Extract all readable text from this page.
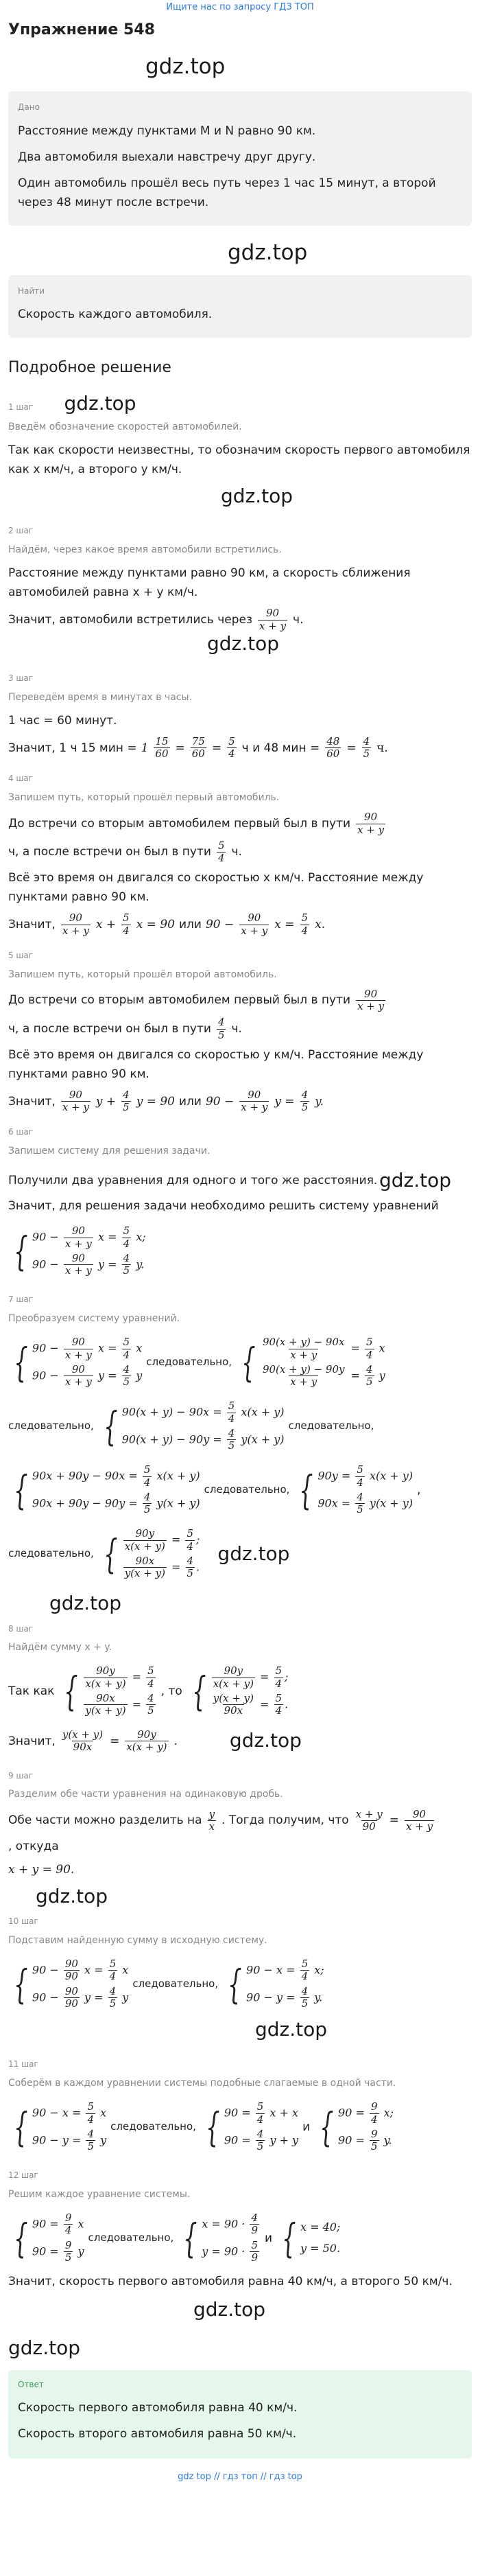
Ищите нас по запросу ГДЗ ТОП
Упражнение 548
gdz.top
Дано

Расстояние между пунктами M и N равно 90 км.

Два автомобиля выехали навстречу друг другу.

Один автомобиль прошёл весь путь через 1 час 15 минут, а второй через 48 минут после встречи.

gdz.top
Найти

Скорость каждого автомобиля.

Подробное решение
1 шаг gdz.top
Введём обозначение скоростей автомобилей.

Так как скорости неизвестны, то обозначим скорость первого автомобиля как x км/ч, а второго y км/ч.

gdz.top
2 шаг
Найдём, через какое время автомобили встретились.

Расстояние между пунктами равно 90 км, а скорость сближения автомобилей равна x + y км/ч.

Значит, автомобили встретились через $\frac{90}{x + y} ч$.
gdz.top
3 шаг
Переведём время в минутах в часы.

1 час = 60 минут.

Значит, 1 ч 15 мин = $1 \frac{15}{60} = \frac{75}{60} = \frac{5}{4}$ ч и 48 мин = $\frac{48}{60} = \frac{4}{5} ч$.
4 шаг
Запишем путь, который прошёл первый автомобиль.
До встречи со вторым автомобилем первый был в пути $\frac{90}{x + y}$
ч, а после встречи он был в пути $\frac{5}{4} ч$.

Всё это время он двигался со скоростью x км/ч. Расстояние между пунктами равно 90 км.

Значит, $\frac{90}{x + y}$ $x + \frac{5}{4}$ x = 90 или $90 - \frac{90}{x + y}$ $x = \frac{5}{4} x$.
5 шаг
Запишем путь, который прошёл второй автомобиль.
До встречи со вторым автомобилем первый был в пути $\frac{90}{x + y}$
ч, а после встречи он был в пути $\frac{4}{5} ч$.

Всё это время он двигался со скоростью y км/ч. Расстояние между пунктами равно 90 км.

Значит, $\frac{90}{x + y}$ $y + \frac{4}{5}$ y = 90 или $90 - \frac{90}{x + y}$ $y = \frac{4}{5} y$.
6 шаг
Запишем систему для решения задачи.
Получили два уравнения для одного и того же расстояния. gdz.top

Значит, для решения задачи необходимо решить систему уравнений

{ $90 - \frac{90}{x + y}$ $x = \frac{5}{4} x$;
$90 - \frac{90}{x + y}$ $y = \frac{4}{5} y$.
7 шаг
Преобразуем систему уравнений.
{ $90 - \frac{90}{x + y}$ $x = \frac{5}{4}$ x
$90 - \frac{90}{x + y}$ $y = \frac{4}{5}$ y
следовательно, { $\frac{90(x + y) - 90x}{x + y} = \frac{5}{4}$ x
$\frac{90(x + y) - 90y}{x + y} = \frac{4}{5}$ y
следовательно, { $90(x + y) - 90x = \frac{5}{4} x(x + y)$
$90(x + y) - 90y = \frac{4}{5} y(x + y)$
следовательно,
{ $90x + 90y - 90x = \frac{5}{4} x(x + y)$
$90x + 90y - 90y = \frac{4}{5} y(x + y)$
следовательно, { $90y = \frac{5}{4} x(x + y)$
$90x = \frac{4}{5} y(x + y)$
,
следовательно, { $\frac{90y}{x(x + y)} = \frac{5}{4}$ ;
$\frac{90x}{y(x + y)} = \frac{4}{5}$ .
gdz.top
gdz.top
8 шаг
Найдём сумму x + y.
Так как { $\frac{90y}{x(x + y)} = \frac{5}{4}$
$\frac{90x}{y(x + y)} = \frac{4}{5}$
, то { $\frac{90y}{x(x + y)} = \frac{5}{4}$ ;
$\frac{y(x + y)}{90x} = \frac{5}{4}$ .
Значит, $\frac{y(x + y)}{90x} = \frac{90y}{x(x + y)}$ .	gdz.top
9 шаг
Разделим обе части уравнения на одинаковую дробь.
Обе части можно разделить на $\frac{y}{x}$ . Тогда получим, что $\frac{x + y}{90} = \frac{90}{x + y}$
, откуда

x + y = 90.

gdz.top
10 шаг
Подставим найденную сумму в исходную систему.
{ $90 - \frac{90}{90}$ $x = \frac{5}{4}$ x
$90 - \frac{90}{90}$ $y = \frac{4}{5}$ y
следовательно, { $90 - x = \frac{5}{4} x$;
$90 - y = \frac{4}{5} y$.
gdz.top
11 шаг
Соберём в каждом уравнении системы подобные слагаемые в одной части.
{ $90 - x = \frac{5}{4}$ x
$90 - y = \frac{4}{5}$ y
следовательно, { $90 = \frac{5}{4}$ x + x
$90 = \frac{4}{5}$ y + y
и { $90 = \frac{9}{4} x$;
$90 = \frac{9}{5} y$.
12 шаг
Решим каждое уравнение системы.
{ $90 = \frac{9}{4}$ x
$90 = \frac{9}{5}$ y
следовательно, { $x = 90 \cdot \frac{4}{9}$
$y = 90 \cdot \frac{5}{9}$
и { x = 40;
y = 50.

Значит, скорость первого автомобиля равна 40 км/ч, а второго 50 км/ч.

gdz.top
gdz.top
Ответ

Скорость первого автомобиля равна 40 км/ч.

Скорость второго автомобиля равна 50 км/ч.

gdz top // гдз топ // гдз top
